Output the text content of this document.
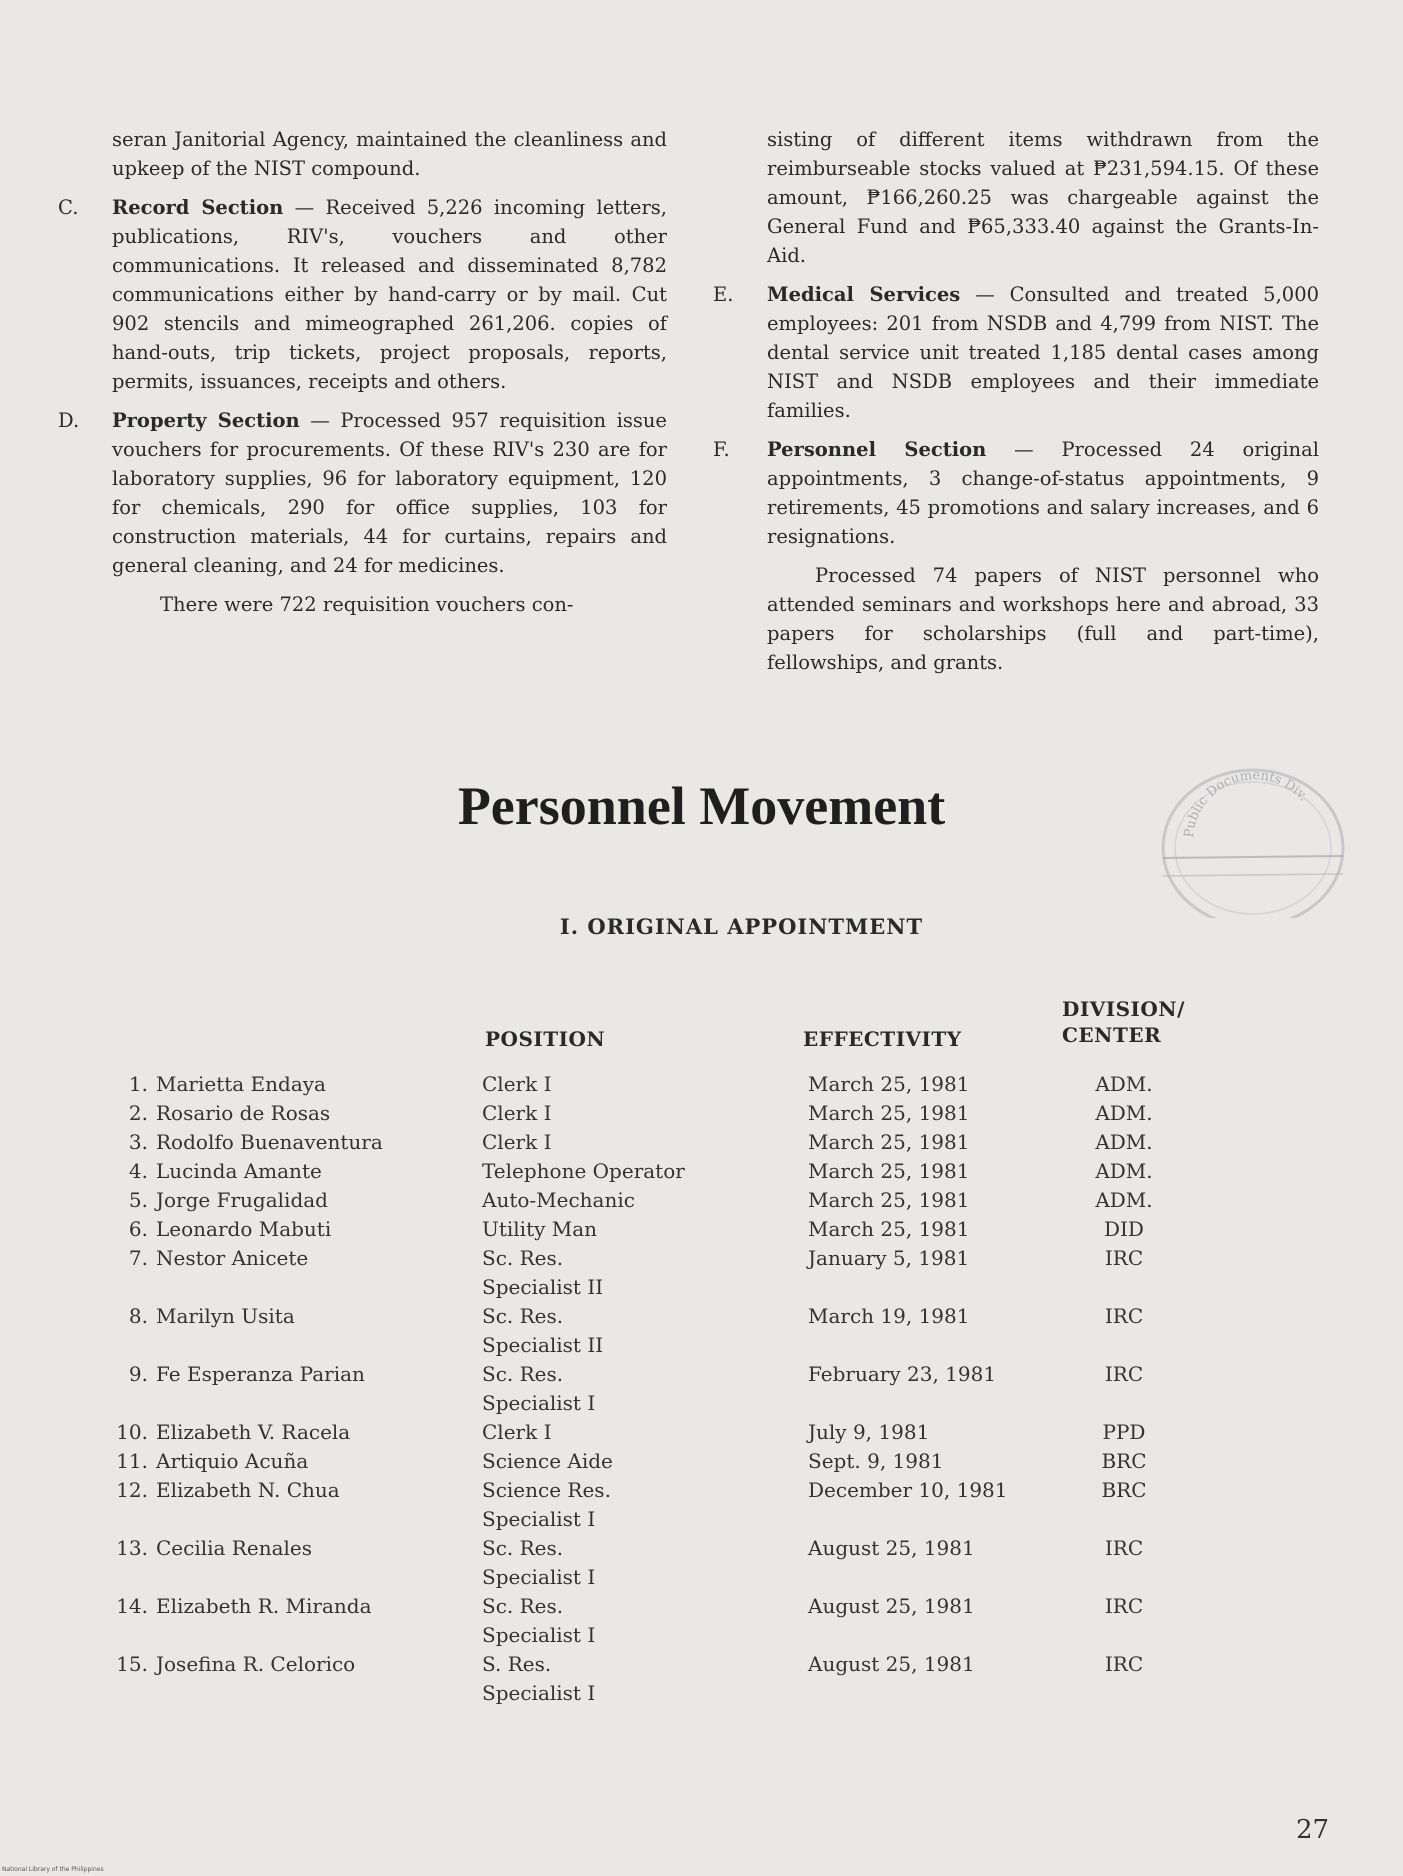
seran Janitorial Agency, maintained the cleanliness and upkeep of the NIST compound.

C. Record Section — Received 5,226 incoming letters, publications, RIV's, vouchers and other communications. It released and disseminated 8,782 communications either by hand-carry or by mail. Cut 902 stencils and mimeographed 261,206. copies of hand-outs, trip tickets, project proposals, reports, permits, issuances, receipts and others.
D. Property Section — Processed 957 requisition issue vouchers for procurements. Of these RIV's 230 are for laboratory supplies, 96 for laboratory equipment, 120 for chemicals, 290 for office supplies, 103 for construction materials, 44 for curtains, repairs and general cleaning, and 24 for medicines.

There were 722 requisition vouchers con-

sisting of different items withdrawn from the reimburseable stocks valued at ₱231,594.15. Of these amount, ₱166,260.25 was chargeable against the General Fund and ₱65,333.40 against the Grants-In-Aid.

E. Medical Services — Consulted and treated 5,000 employees: 201 from NSDB and 4,799 from NIST. The dental service unit treated 1,185 dental cases among NIST and NSDB employees and their immediate families.
F. Personnel Section — Processed 24 original appointments, 3 change-of-status appointments, 9 retirements, 45 promotions and salary increases, and 6 resignations.

Processed 74 papers of NIST personnel who attended seminars and workshops here and abroad, 33 papers for scholarships (full and part-time), fellowships, and grants.

Personnel Movement	Public Documents Div.
I. ORIGINAL APPOINTMENT
POSITION	EFFECTIVITY
DIVISION/
CENTER
1.	Marietta Endaya	Clerk I	March 25, 1981	ADM.
2.	Rosario de Rosas	Clerk I	March 25, 1981	ADM.
3.	Rodolfo Buenaventura	Clerk I	March 25, 1981	ADM.
4.	Lucinda Amante	Telephone Operator	March 25, 1981	ADM.
5.	Jorge Frugalidad	Auto-Mechanic	March 25, 1981	ADM.
6.	Leonardo Mabuti	Utility Man	March 25, 1981	DID
7.	Nestor Anicete	Sc. Res.
Specialist II	January 5, 1981	IRC
8.	Marilyn Usita	Sc. Res.
Specialist II	March 19, 1981	IRC
9.	Fe Esperanza Parian	Sc. Res.
Specialist I	February 23, 1981	IRC
10.	Elizabeth V. Racela	Clerk I	July 9, 1981	PPD
11.	Artiquio Acuña	Science Aide	Sept. 9, 1981	BRC
12.	Elizabeth N. Chua	Science Res.
Specialist I	December 10, 1981	BRC
13.	Cecilia Renales	Sc. Res.
Specialist I	August 25, 1981	IRC
14.	Elizabeth R. Miranda	Sc. Res.
Specialist I	August 25, 1981	IRC
15.	Josefina R. Celorico	S. Res.
Specialist I	August 25, 1981	IRC
27
National Library of the Philippines
